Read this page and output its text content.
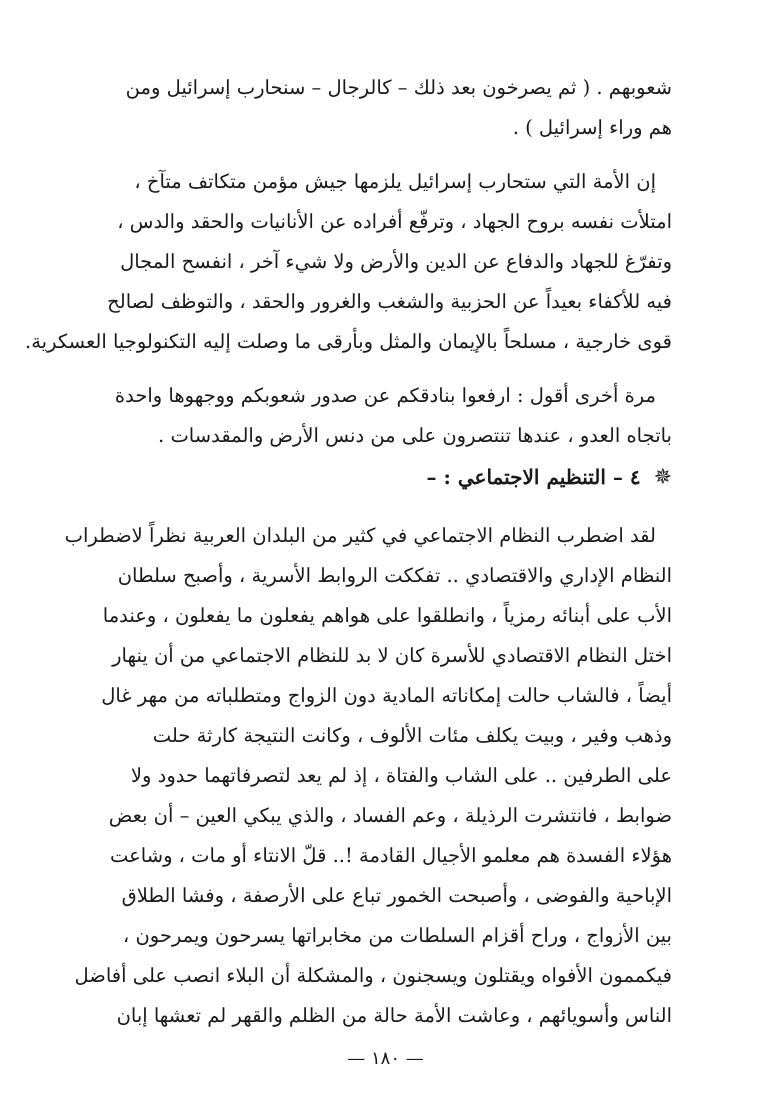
شعوبهم . ( ثم يصرخون بعد ذلك – كالرجال – سنحارب إسرائيل ومن
هم وراء إسرائيل ) .
إن الأمة التي ستحارب إسرائيل يلزمها جيش مؤمن متكاتف متآخ ،
امتلأت نفسه بروح الجهاد ، وترفّع أفراده عن الأنانيات والحقد والدس ،
وتفرّغ للجهاد والدفاع عن الدين والأرض ولا شيء آخر ، انفسح المجال
فيه للأكفاء بعيداً عن الحزبية والشغب والغرور والحقد ، والتوظف لصالح
قوى خارجية ، مسلحاً بالإيمان والمثل وبأرقى ما وصلت إليه التكنولوجيا العسكرية.
مرة أخرى أقول : ارفعوا بنادقكم عن صدور شعوبكم ووجهوها واحدة
باتجاه العدو ، عندها تنتصرون على من دنس الأرض والمقدسات .
✵ ٤ – التنظيم الاجتماعي : –
لقد اضطرب النظام الاجتماعي في كثير من البلدان العربية نظراً لاضطراب
النظام الإداري والاقتصادي .. تفككت الروابط الأسرية ، وأصبح سلطان
الأب على أبنائه رمزياً ، وانطلقوا على هواهم يفعلون ما يفعلون ، وعندما
اختل النظام الاقتصادي للأسرة كان لا بد للنظام الاجتماعي من أن ينهار
أيضاً ، فالشاب حالت إمكاناته المادية دون الزواج ومتطلباته من مهر غال
وذهب وفير ، وبيت يكلف مئات الألوف ، وكانت النتيجة كارثة حلت
على الطرفين .. على الشاب والفتاة ، إذ لم يعد لتصرفاتهما حدود ولا
ضوابط ، فانتشرت الرذيلة ، وعم الفساد ، والذي يبكي العين – أن بعض
هؤلاء الفسدة هم معلمو الأجيال القادمة !.. قلّ الانتاء أو مات ، وشاعت
الإباحية والفوضى ، وأصبحت الخمور تباع على الأرصفة ، وفشا الطلاق
بين الأزواج ، وراح أقزام السلطات من مخابراتها يسرحون ويمرحون ،
فيكممون الأفواه ويقتلون ويسجنون ، والمشكلة أن البلاء انصب على أفاضل
الناس وأسويائهم ، وعاشت الأمة حالة من الظلم والقهر لم تعشها إبان
— ١٨٠ —
